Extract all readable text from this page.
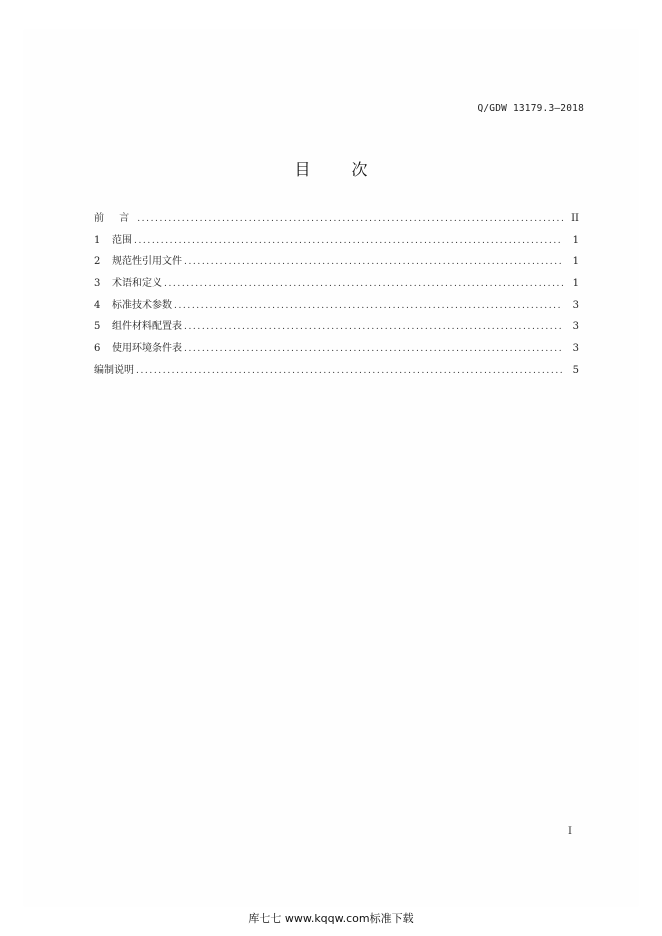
Q/GDW 13179.3—2018
目 次
前 言 .....	II
1	范围 .....	1
2	规范性引用文件 .....	1
3	术语和定义 .....	1
4	标准技术参数 .....	3
5	组件材料配置表 .....	3
6	使用环境条件表 .....	3
编制说明 .....	5
I
库七七 www.kqqw.com标准下载
